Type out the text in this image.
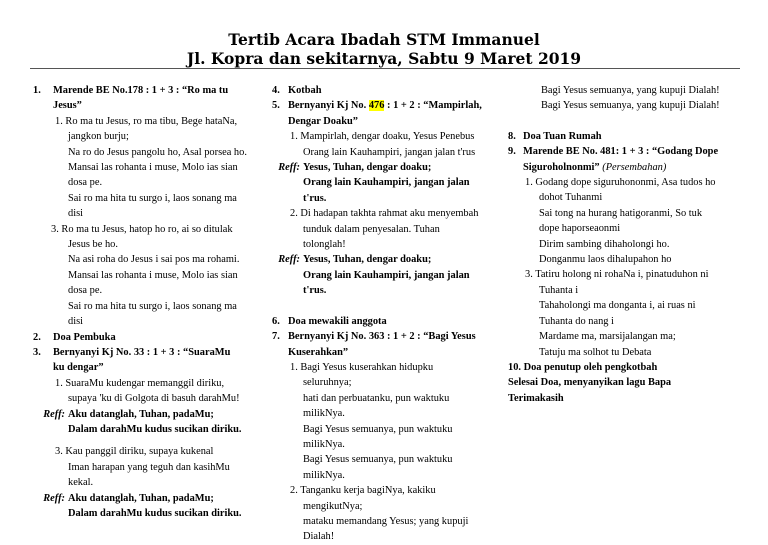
Tertib Acara Ibadah STM Immanuel
Jl. Kopra dan sekitarnya, Sabtu 9 Maret 2019
1. Marende BE No.178 : 1 + 3 : “Ro ma tu
Jesus”
1. Ro ma tu Jesus, ro ma tibu, Bege hataNa,
jangkon burju;
Na ro do Jesus pangolu ho, Asal porsea ho.
Mansai las rohanta i muse, Molo ias sian
dosa pe.
Sai ro ma hita tu surgo i, laos sonang ma
disi
3. Ro ma tu Jesus, hatop ho ro, ai so ditulak
Jesus be ho.
Na asi roha do Jesus i sai pos ma rohami.
Mansai las rohanta i muse, Molo ias sian
dosa pe.
Sai ro ma hita tu surgo i, laos sonang ma
disi
2. Doa Pembuka
3. Bernyanyi Kj No. 33 : 1 + 3 : “SuaraMu
ku dengar”
1. SuaraMu kudengar memanggil diriku,
supaya 'ku di Golgota di basuh darahMu!
Reff: Aku datanglah, Tuhan, padaMu;
Dalam darahMu kudus sucikan diriku.
3. Kau panggil diriku, supaya kukenal
Iman harapan yang teguh dan kasihMu
kekal.
Reff: Aku datanglah, Tuhan, padaMu;
Dalam darahMu kudus sucikan diriku.
4. Kotbah
5. Bernyanyi Kj No. 476 : 1 + 2 : “Mampirlah,
Dengar Doaku”
1. Mampirlah, dengar doaku, Yesus Penebus
Orang lain Kauhampiri, jangan jalan t'rus
Reff: Yesus, Tuhan, dengar doaku;
Orang lain Kauhampiri, jangan jalan
t'rus.
2. Di hadapan takhta rahmat aku menyembah
tunduk dalam penyesalan. Tuhan
tolonglah!
Reff: Yesus, Tuhan, dengar doaku;
Orang lain Kauhampiri, jangan jalan
t'rus.
6. Doa mewakili anggota
7. Bernyanyi Kj No. 363 : 1 + 2 : “Bagi Yesus
Kuserahkan”
1. Bagi Yesus kuserahkan hidupku
seluruhnya;
hati dan perbuatanku, pun waktuku
milikNya.
Bagi Yesus semuanya, pun waktuku
milikNya.
Bagi Yesus semuanya, pun waktuku
milikNya.
2. Tanganku kerja bagiNya, kakiku
mengikutNya;
mataku memandang Yesus; yang kupuji
Dialah!
Bagi Yesus semuanya, yang kupuji Dialah!
Bagi Yesus semuanya, yang kupuji Dialah!
8. Doa Tuan Rumah
9. Marende BE No. 481: 1 + 3 : “Godang Dope
Siguroholnonmi” (Persembahan)
1. Godang dope siguruhononmi, Asa tudos ho
dohot Tuhanmi
Sai tong na hurang hatigoranmi, So tuk
dope haporseaonmi
Dirim sambing dihaholongi ho.
Donganmu laos dihalupahon ho
3. Tatiru holong ni rohaNa i, pinatuduhon ni
Tuhanta i
Tahaholongi ma donganta i, ai ruas ni
Tuhanta do nang i
Mardame ma, marsijalangan ma;
Tatuju ma solhot tu Debata
10. Doa penutup oleh pengkotbah
Selesai Doa, menyanyikan lagu Bapa
Terimakasih
